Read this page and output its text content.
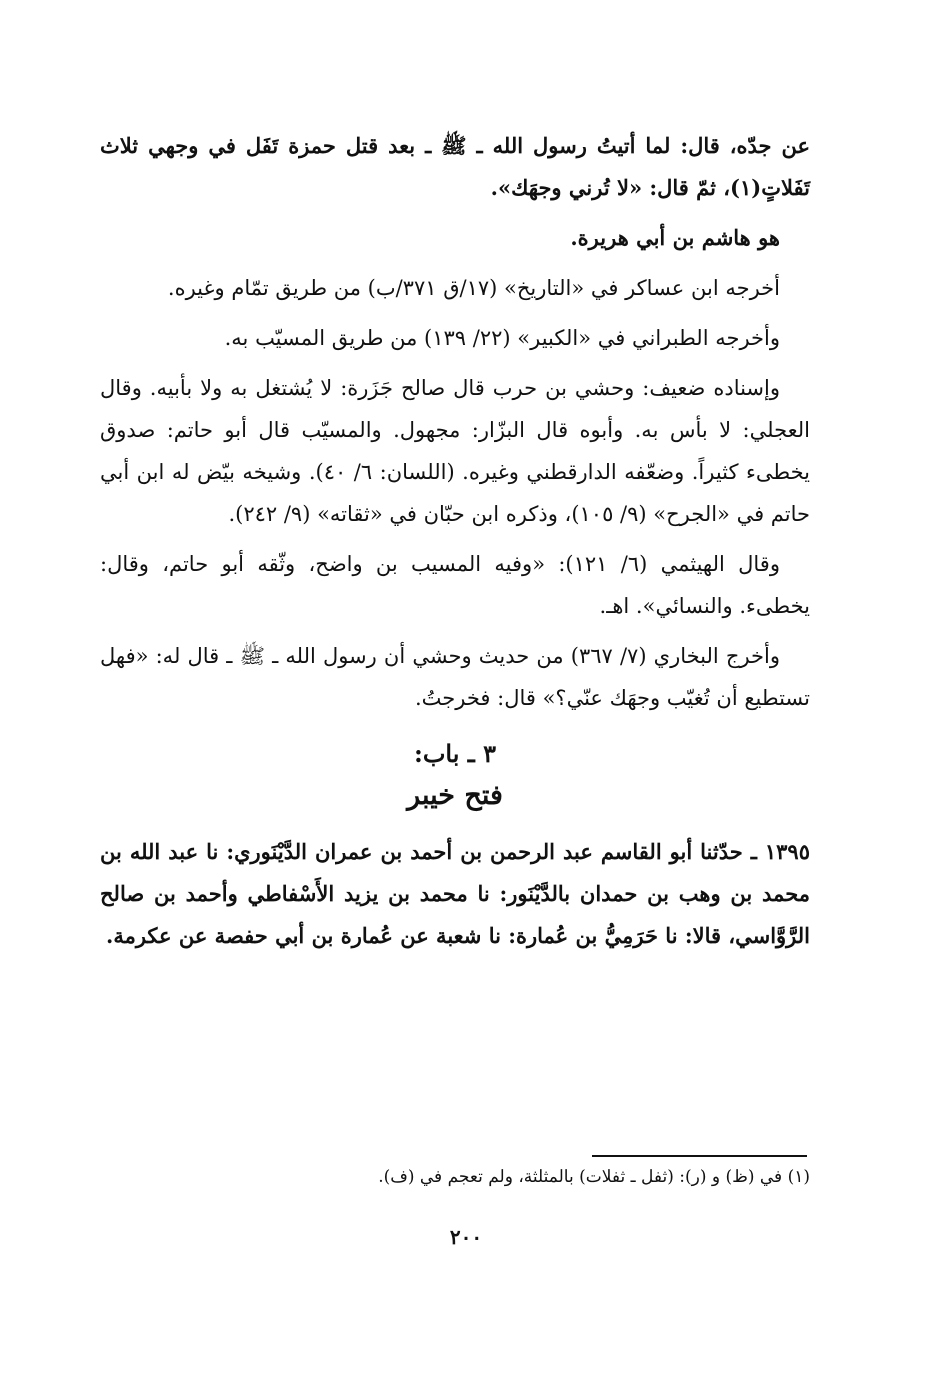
عن جدّه، قال: لما أتيتُ رسول الله ـ ﷺ ـ بعد قتل حمزة تَفَل في وجهي ثلاث تَفَلاتٍ(١)، ثمّ قال: «لا تُرني وجهَك».

هو هاشم بن أبي هريرة.

أخرجه ابن عساكر في «التاريخ» (١٧/ق ٣٧١/ب) من طريق تمّام وغيره.

وأخرجه الطبراني في «الكبير» (٢٢/ ١٣٩) من طريق المسيّب به.

وإسناده ضعيف: وحشي بن حرب قال صالح جَزَرة: لا يُشتغل به ولا بأبيه. وقال العجلي: لا بأس به. وأبوه قال البزّار: مجهول. والمسيّب قال أبو حاتم: صدوق يخطىء كثيراً. وضعّفه الدارقطني وغيره. (اللسان: ٦/ ٤٠). وشيخه بيّض له ابن أبي حاتم في «الجرح» (٩/ ١٠٥)، وذكره ابن حبّان في «ثقاته» (٩/ ٢٤٢).

وقال الهيثمي (٦/ ١٢١): «وفيه المسيب بن واضح، وثّقه أبو حاتم، وقال: يخطىء. والنسائي». اهـ.

وأخرج البخاري (٧/ ٣٦٧) من حديث وحشي أن رسول الله ـ ﷺ ـ قال له: «فهل تستطيع أن تُغيّب وجهَك عنّي؟» قال: فخرجتُ.

٣ ـ باب:
فتح خيبر

١٣٩٥ ـ حدّثنا أبو القاسم عبد الرحمن بن أحمد بن عمران الدَّيْنَوري: نا عبد الله بن محمد بن وهب بن حمدان بالدَّيْنَور: نا محمد بن يزيد الأَسْفاطي وأحمد بن صالح الرَّوَّاسي، قالا: نا حَرَمِيُّ بن عُمارة: نا شعبة عن عُمارة بن أبي حفصة عن عكرمة.

(١) في (ظ) و (ر): (ثفل ـ ثفلات) بالمثلثة، ولم تعجم في (ف).
٢٠٠
